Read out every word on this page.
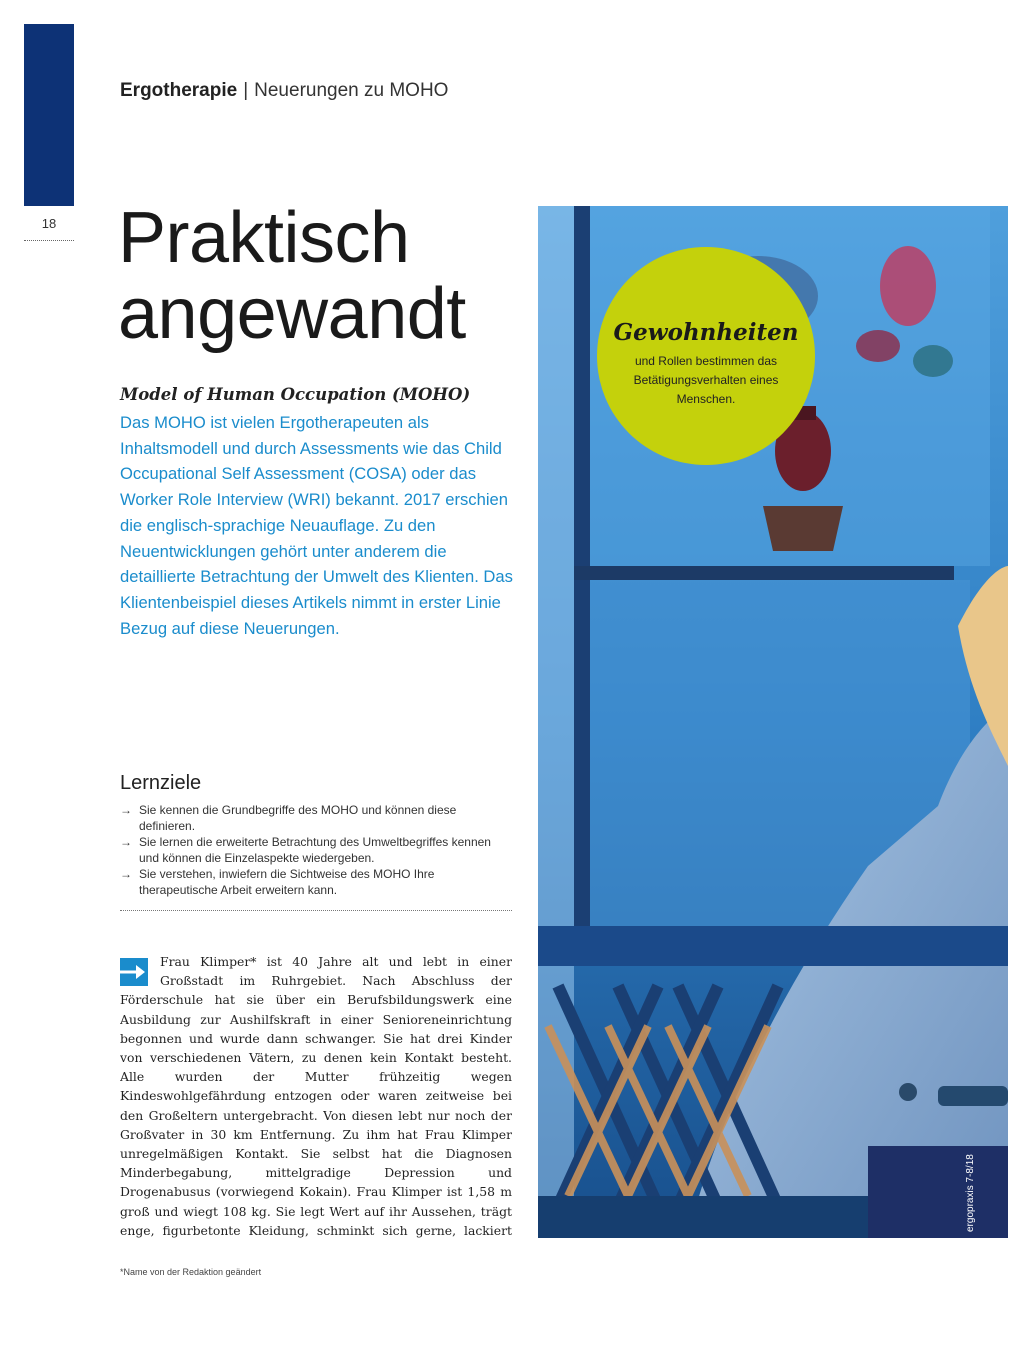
18
Ergotherapie | Neuerungen zu MOHO
Praktisch
angewandt
Model of Human Occupation (MOHO)
Das MOHO ist vielen Ergotherapeuten als Inhaltsmodell und durch Assessments wie das Child Occupational Self Assessment (COSA) oder das Worker Role Interview (WRI) bekannt. 2017 erschien die englisch-sprachige Neuauflage. Zu den Neuentwicklungen gehört unter anderem die detaillierte Betrachtung der Umwelt des Klienten. Das Klientenbeispiel dieses Artikels nimmt in erster Linie Bezug auf diese Neuerungen.
Lernziele
→ Sie kennen die Grundbegriffe des MOHO und können diese definieren.
→ Sie lernen die erweiterte Betrachtung des Umweltbegriffes kennen und können die Einzelaspekte wiedergeben.
→ Sie verstehen, inwiefern die Sichtweise des MOHO Ihre therapeutische Arbeit erweitern kann.
Frau Klimper* ist 40 Jahre alt und lebt in einer Großstadt im Ruhrgebiet. Nach Abschluss der Förderschule hat sie über ein Berufsbildungswerk eine Ausbildung zur Aushilfskraft in einer Senioreneinrichtung begonnen und wurde dann schwanger. Sie hat drei Kinder von verschiedenen Vätern, zu denen kein Kontakt besteht. Alle wurden der Mutter frühzeitig wegen Kindeswohlgefährdung entzogen oder waren zeitweise bei den Großeltern untergebracht. Von diesen lebt nur noch der Großvater in 30 km Entfernung. Zu ihm hat Frau Klimper unregelmäßigen Kontakt. Sie selbst hat die Diagnosen Minderbegabung, mittelgradige Depression und Drogenabusus (vorwiegend Kokain). Frau Klimper ist 1,58 m groß und wiegt 108 kg. Sie legt Wert auf ihr Aussehen, trägt enge, figurbetonte Kleidung, schminkt sich gerne, lackiert
*Name von der Redaktion geändert
Gewohnheiten
und Rollen bestimmen das Betätigungsverhalten eines Menschen.
ergopraxis 7-8/18
